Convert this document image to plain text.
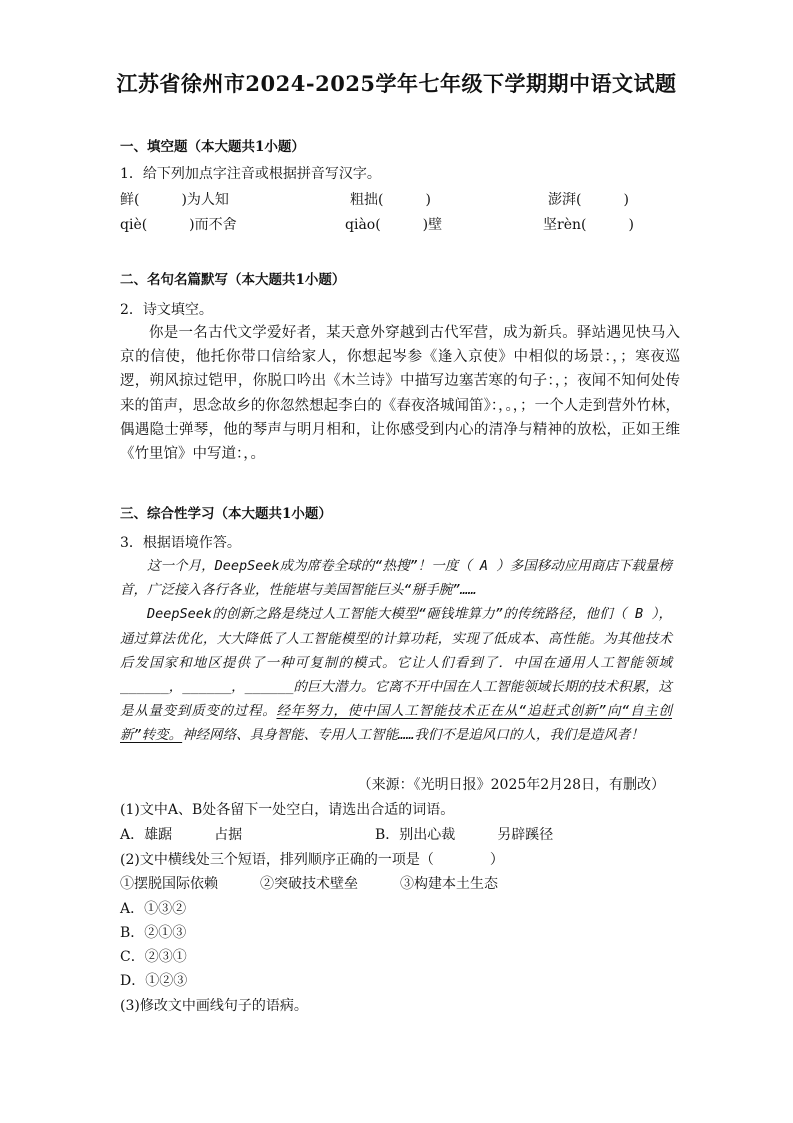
江苏省徐州市2024-2025学年七年级下学期期中语文试题
一、填空题（本大题共1小题）
1．给下列加点字注音或根据拼音写汉字。
鲜(　　　)为人知	粗拙(　　　)	澎湃(　　　)
qiè(　　　)而不舍	qiào(　　　)壁	坚rèn(　　　)
二、名句名篇默写（本大题共1小题）
2．诗文填空。

你是一名古代文学爱好者，某天意外穿越到古代军营，成为新兵。驿站遇见快马入京的信使，他托你带口信给家人，你想起岑参《逢入京使》中相似的场景：，；寒夜巡逻，朔风掠过铠甲，你脱口吟出《木兰诗》中描写边塞苦寒的句子：，；夜闻不知何处传来的笛声，思念故乡的你忽然想起李白的《春夜洛城闻笛》：，。，；一个人走到营外竹林，偶遇隐士弹琴，他的琴声与明月相和，让你感受到内心的清净与精神的放松，正如王维《竹里馆》中写道：，。

三、综合性学习（本大题共1小题）
3．根据语境作答。

这一个月，DeepSeek成为席卷全球的“热搜”！一度（ A ）多国移动应用商店下载量榜首，广泛接入各行各业，性能堪与美国智能巨头“掰手腕”……

DeepSeek的创新之路是绕过人工智能大模型“砸钱堆算力”的传统路径，他们（ B ），通过算法优化，大大降低了人工智能模型的计算功耗，实现了低成本、高性能。为其他技术后发国家和地区提供了一种可复制的模式。它让人们看到了．中国在通用人工智能领域______，______，______的巨大潜力。它离不开中国在人工智能领域长期的技术积累，这是从量变到质变的过程。经年努力，使中国人工智能技术正在从“追赶式创新”向“自主创新”转变。神经网络、具身智能、专用人工智能……我们不是追风口的人，我们是造风者！

（来源：《光明日报》2025年2月28日，有删改）
(1)文中A、B处各留下一处空白，请选出合适的词语。
A．雄踞　　　占据	B．别出心裁　　　另辟蹊径
(2)文中横线处三个短语，排列顺序正确的一项是（　　　　）
①摆脱国际依赖　　　②突破技术壁垒　　　③构建本土生态
A．①③②
B．②①③
C．②③①
D．①②③
(3)修改文中画线句子的语病。
